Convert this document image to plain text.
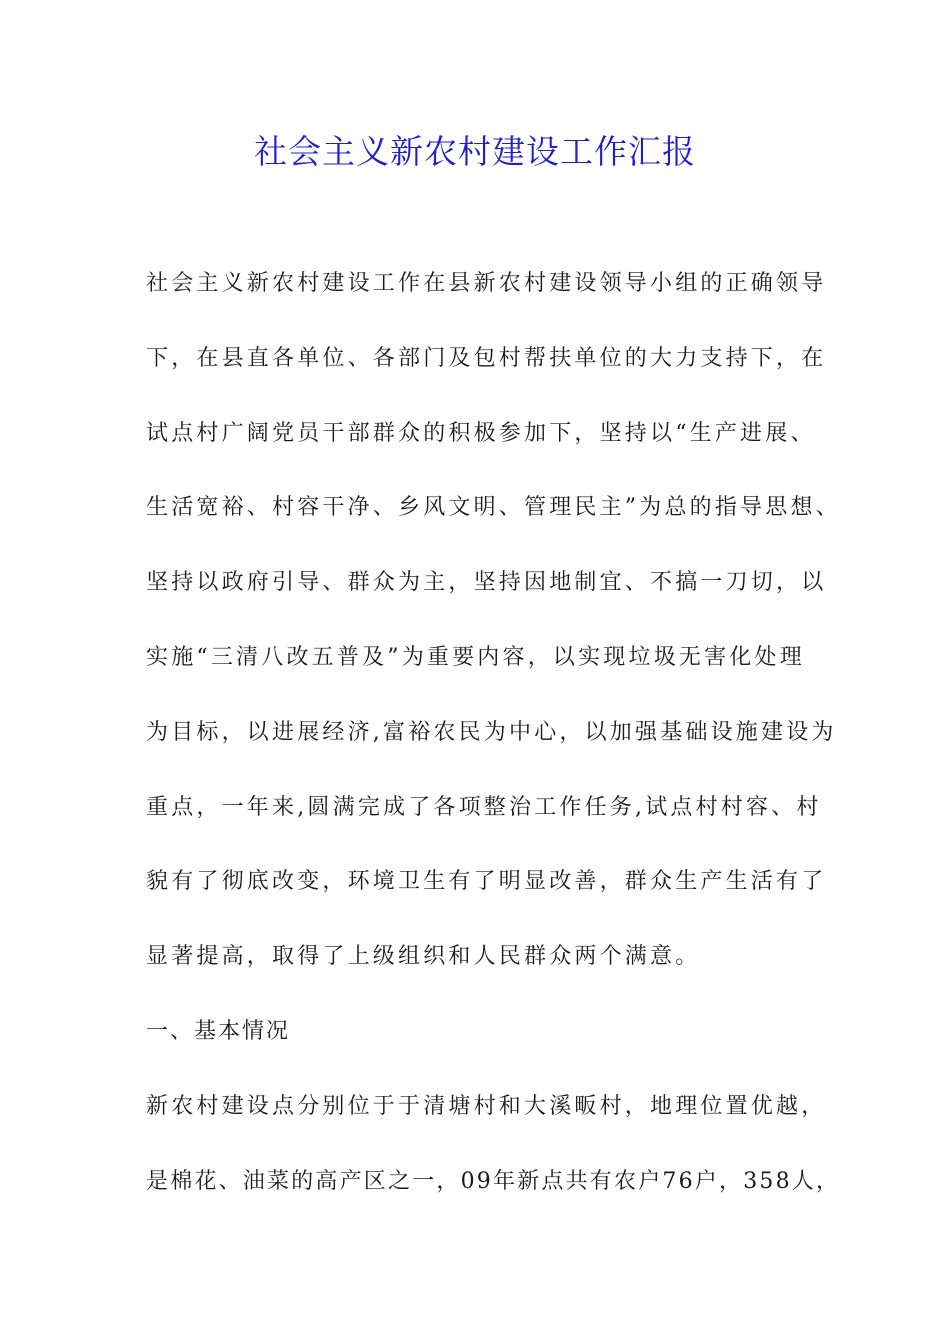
社会主义新农村建设工作汇报
社会主义新农村建设工作在县新农村建设领导小组的正确领导
下，在县直各单位、各部门及包村帮扶单位的大力支持下，在
试点村广阔党员干部群众的积极参加下，坚持以“生产进展、
生活宽裕、村容干净、乡风文明、管理民主”为总的指导思想、
坚持以政府引导、群众为主，坚持因地制宜、不搞一刀切，以
实施“三清八改五普及”为重要内容，以实现垃圾无害化处理
为目标，以进展经济,富裕农民为中心，以加强基础设施建设为
重点，一年来,圆满完成了各项整治工作任务,试点村村容、村
貌有了彻底改变，环境卫生有了明显改善，群众生产生活有了
显著提高，取得了上级组织和人民群众两个满意。
一、基本情况
新农村建设点分别位于于清塘村和大溪畈村，地理位置优越，
是棉花、油菜的高产区之一，09年新点共有农户76户，358人，
